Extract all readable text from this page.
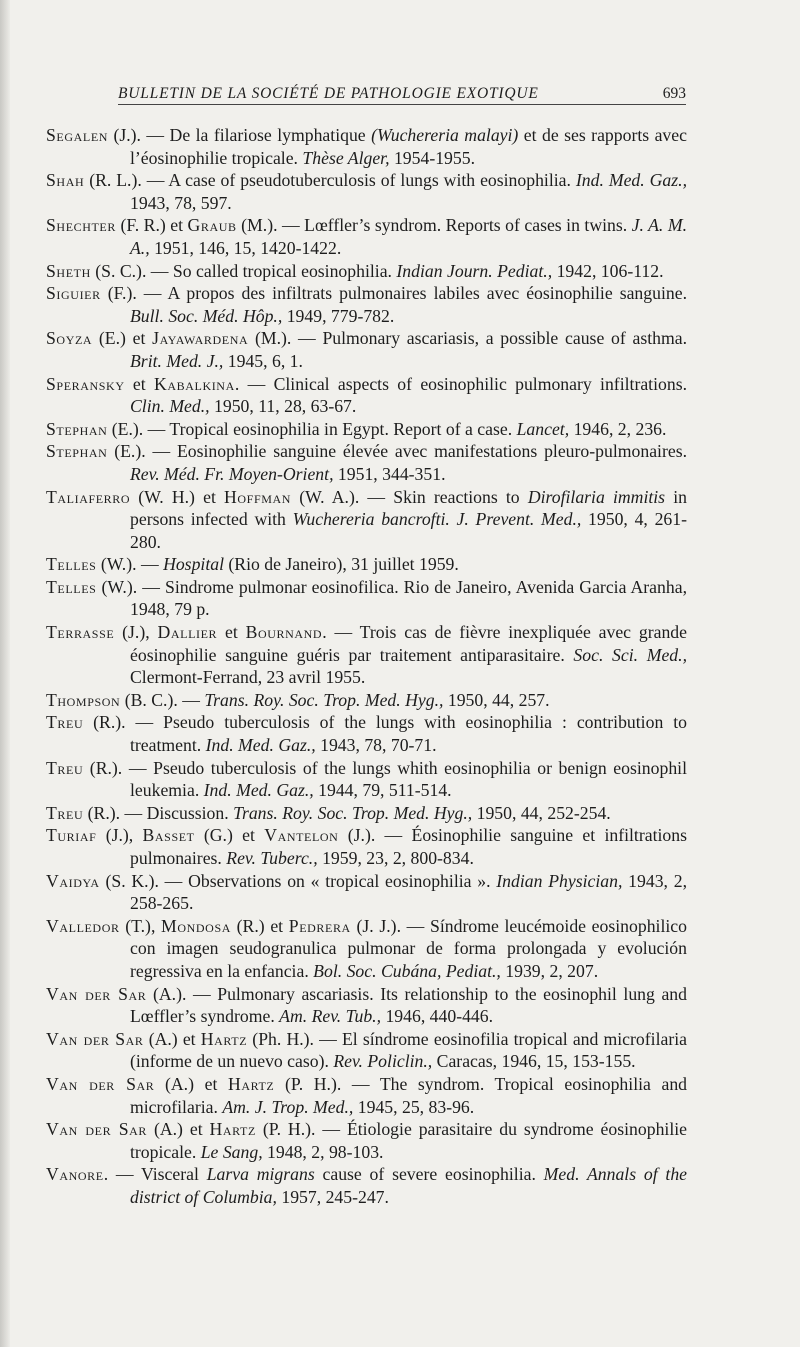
BULLETIN DE LA SOCIÉTÉ DE PATHOLOGIE EXOTIQUE	693

Segalen (J.). — De la filariose lymphatique (Wuchereria malayi) et de ses rapports avec l’éosinophilie tropicale. Thèse Alger, 1954-1955.

Shah (R. L.). — A case of pseudotuberculosis of lungs with eosinophilia. Ind. Med. Gaz., 1943, 78, 597.

Shechter (F. R.) et Graub (M.). — Lœffler’s syndrom. Reports of cases in twins. J. A. M. A., 1951, 146, 15, 1420-1422.

Sheth (S. C.). — So called tropical eosinophilia. Indian Journ. Pediat., 1942, 106-112.

Siguier (F.). — A propos des infiltrats pulmonaires labiles avec éosinophilie sanguine. Bull. Soc. Méd. Hôp., 1949, 779-782.

Soyza (E.) et Jayawardena (M.). — Pulmonary ascariasis, a possible cause of asthma. Brit. Med. J., 1945, 6, 1.

Speransky et Kabalkina. — Clinical aspects of eosinophilic pulmonary infiltrations. Clin. Med., 1950, 11, 28, 63-67.

Stephan (E.). — Tropical eosinophilia in Egypt. Report of a case. Lancet, 1946, 2, 236.

Stephan (E.). — Eosinophilie sanguine élevée avec manifestations pleuro-pulmonaires. Rev. Méd. Fr. Moyen-Orient, 1951, 344-351.

Taliaferro (W. H.) et Hoffman (W. A.). — Skin reactions to Dirofilaria immitis in persons infected with Wuchereria bancrofti. J. Prevent. Med., 1950, 4, 261-280.

Telles (W.). — Hospital (Rio de Janeiro), 31 juillet 1959.

Telles (W.). — Sindrome pulmonar eosinofilica. Rio de Janeiro, Avenida Garcia Aranha, 1948, 79 p.

Terrasse (J.), Dallier et Bournand. — Trois cas de fièvre inexpliquée avec grande éosinophilie sanguine guéris par traitement antiparasitaire. Soc. Sci. Med., Clermont-Ferrand, 23 avril 1955.

Thompson (B. C.). — Trans. Roy. Soc. Trop. Med. Hyg., 1950, 44, 257.

Treu (R.). — Pseudo tuberculosis of the lungs with eosinophilia : contribution to treatment. Ind. Med. Gaz., 1943, 78, 70-71.

Treu (R.). — Pseudo tuberculosis of the lungs whith eosinophilia or benign eosinophil leukemia. Ind. Med. Gaz., 1944, 79, 511-514.

Treu (R.). — Discussion. Trans. Roy. Soc. Trop. Med. Hyg., 1950, 44, 252-254.

Turiaf (J.), Basset (G.) et Vantelon (J.). — Éosinophilie sanguine et infiltrations pulmonaires. Rev. Tuberc., 1959, 23, 2, 800-834.

Vaidya (S. K.). — Observations on « tropical eosinophilia ». Indian Physician, 1943, 2, 258-265.

Valledor (T.), Mondosa (R.) et Pedrera (J. J.). — Síndrome leucémoide eosinophilico con imagen seudogranulica pulmonar de forma prolongada y evolución regressiva en la enfancia. Bol. Soc. Cubána, Pediat., 1939, 2, 207.

Van der Sar (A.). — Pulmonary ascariasis. Its relationship to the eosinophil lung and Lœffler’s syndrome. Am. Rev. Tub., 1946, 440-446.

Van der Sar (A.) et Hartz (Ph. H.). — El síndrome eosinofilia tropical and microfilaria (informe de un nuevo caso). Rev. Policlin., Caracas, 1946, 15, 153-155.

Van der Sar (A.) et Hartz (P. H.). — The syndrom. Tropical eosinophilia and microfilaria. Am. J. Trop. Med., 1945, 25, 83-96.

Van der Sar (A.) et Hartz (P. H.). — Étiologie parasitaire du syndrome éosinophilie tropicale. Le Sang, 1948, 2, 98-103.

Vanore. — Visceral Larva migrans cause of severe eosinophilia. Med. Annals of the district of Columbia, 1957, 245-247.
